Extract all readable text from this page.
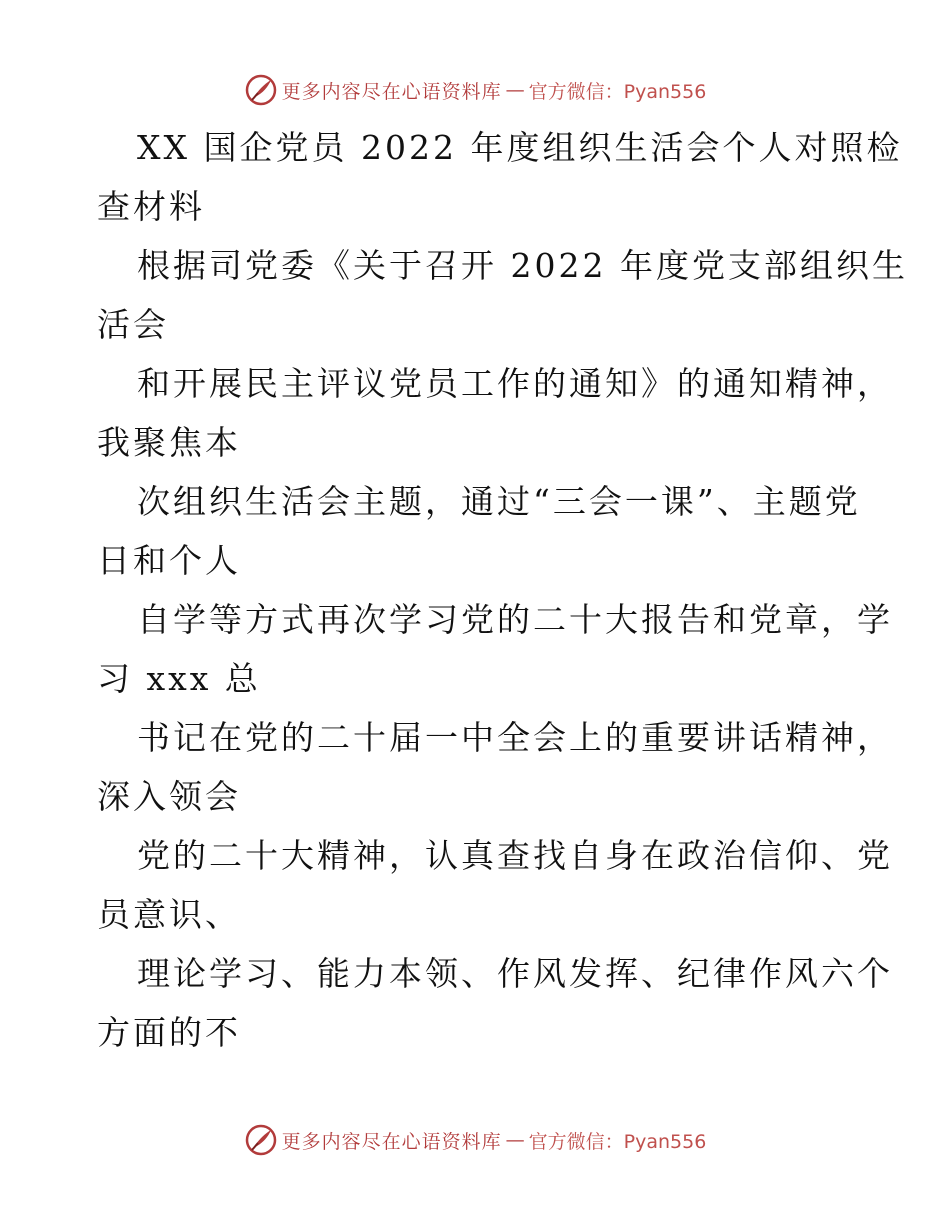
更多内容尽在心语资料库 — 官方微信：Pyan556
XX 国企党员 2022 年度组织生活会个人对照检
查材料
根据司党委《关于召开 2022 年度党支部组织生
活会
和开展民主评议党员工作的通知》的通知精神，
我聚焦本
次组织生活会主题，通过“三会一课”、主题党
日和个人
自学等方式再次学习党的二十大报告和党章，学
习 xxx 总
书记在党的二十届一中全会上的重要讲话精神，
深入领会
党的二十大精神，认真查找自身在政治信仰、党
员意识、
理论学习、能力本领、作风发挥、纪律作风六个
方面的不
更多内容尽在心语资料库 — 官方微信：Pyan556
